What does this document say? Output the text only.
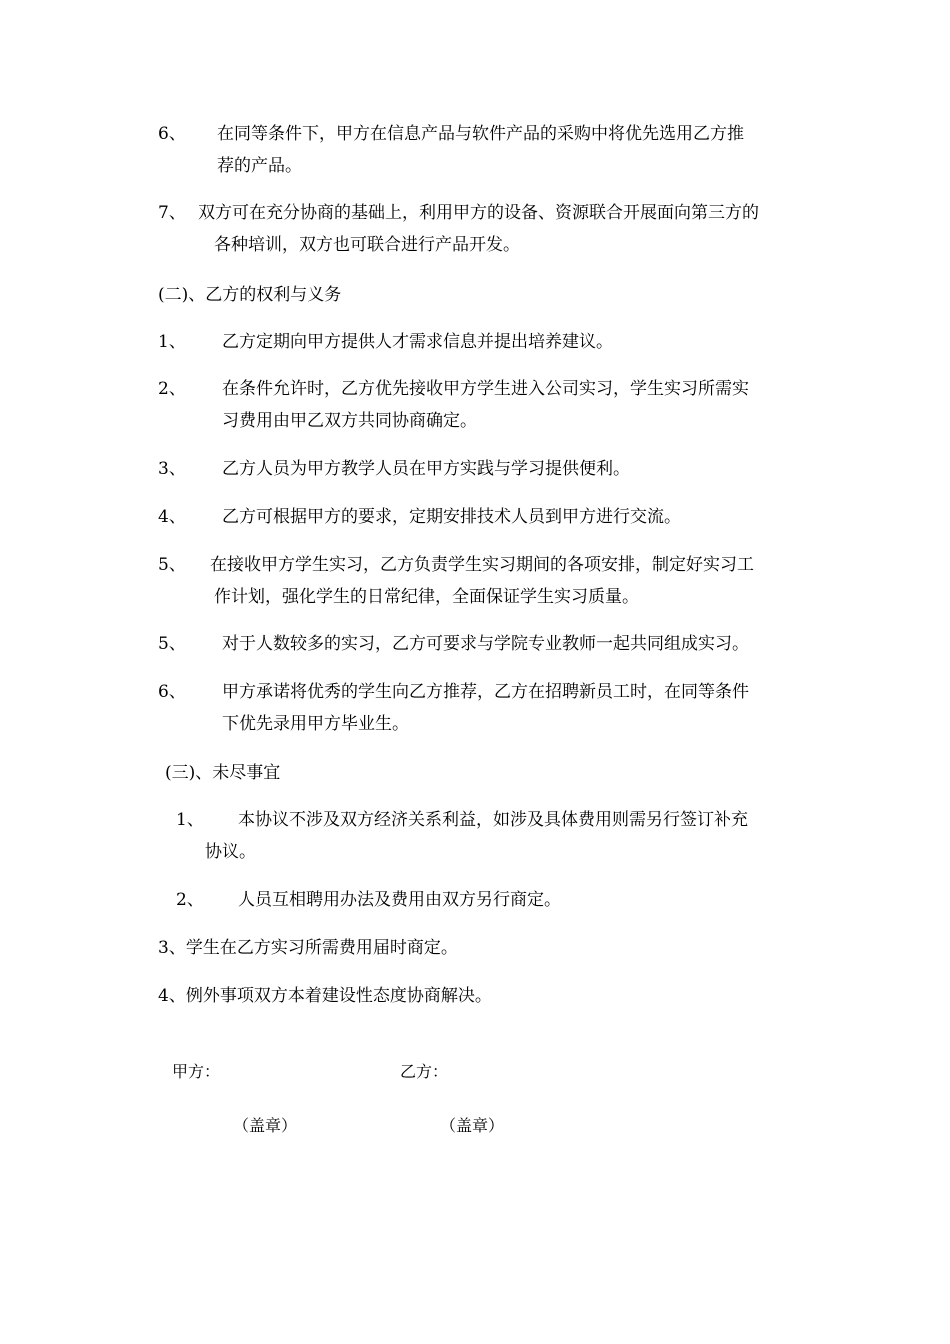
6、 在同等条件下，甲方在信息产品与软件产品的采购中将优先选用乙方推
荐的产品。
7、 双方可在充分协商的基础上，利用甲方的设备、资源联合开展面向第三方的
各种培训，双方也可联合进行产品开发。
(二)、乙方的权利与义务
1、 乙方定期向甲方提供人才需求信息并提出培养建议。
2、 在条件允许时，乙方优先接收甲方学生进入公司实习，学生实习所需实
习费用由甲乙双方共同协商确定。
3、 乙方人员为甲方教学人员在甲方实践与学习提供便利。
4、 乙方可根据甲方的要求，定期安排技术人员到甲方进行交流。
5、 在接收甲方学生实习，乙方负责学生实习期间的各项安排，制定好实习工
作计划，强化学生的日常纪律，全面保证学生实习质量。
5、 对于人数较多的实习，乙方可要求与学院专业教师一起共同组成实习。
6、 甲方承诺将优秀的学生向乙方推荐，乙方在招聘新员工时，在同等条件
下优先录用甲方毕业生。
(三)、未尽事宜
1、 本协议不涉及双方经济关系利益，如涉及具体费用则需另行签订补充
协议。
2、 人员互相聘用办法及费用由双方另行商定。
3、学生在乙方实习所需费用届时商定。
4、例外事项双方本着建设性态度协商解决。
甲方：	乙方：
（盖章）	（盖章）
